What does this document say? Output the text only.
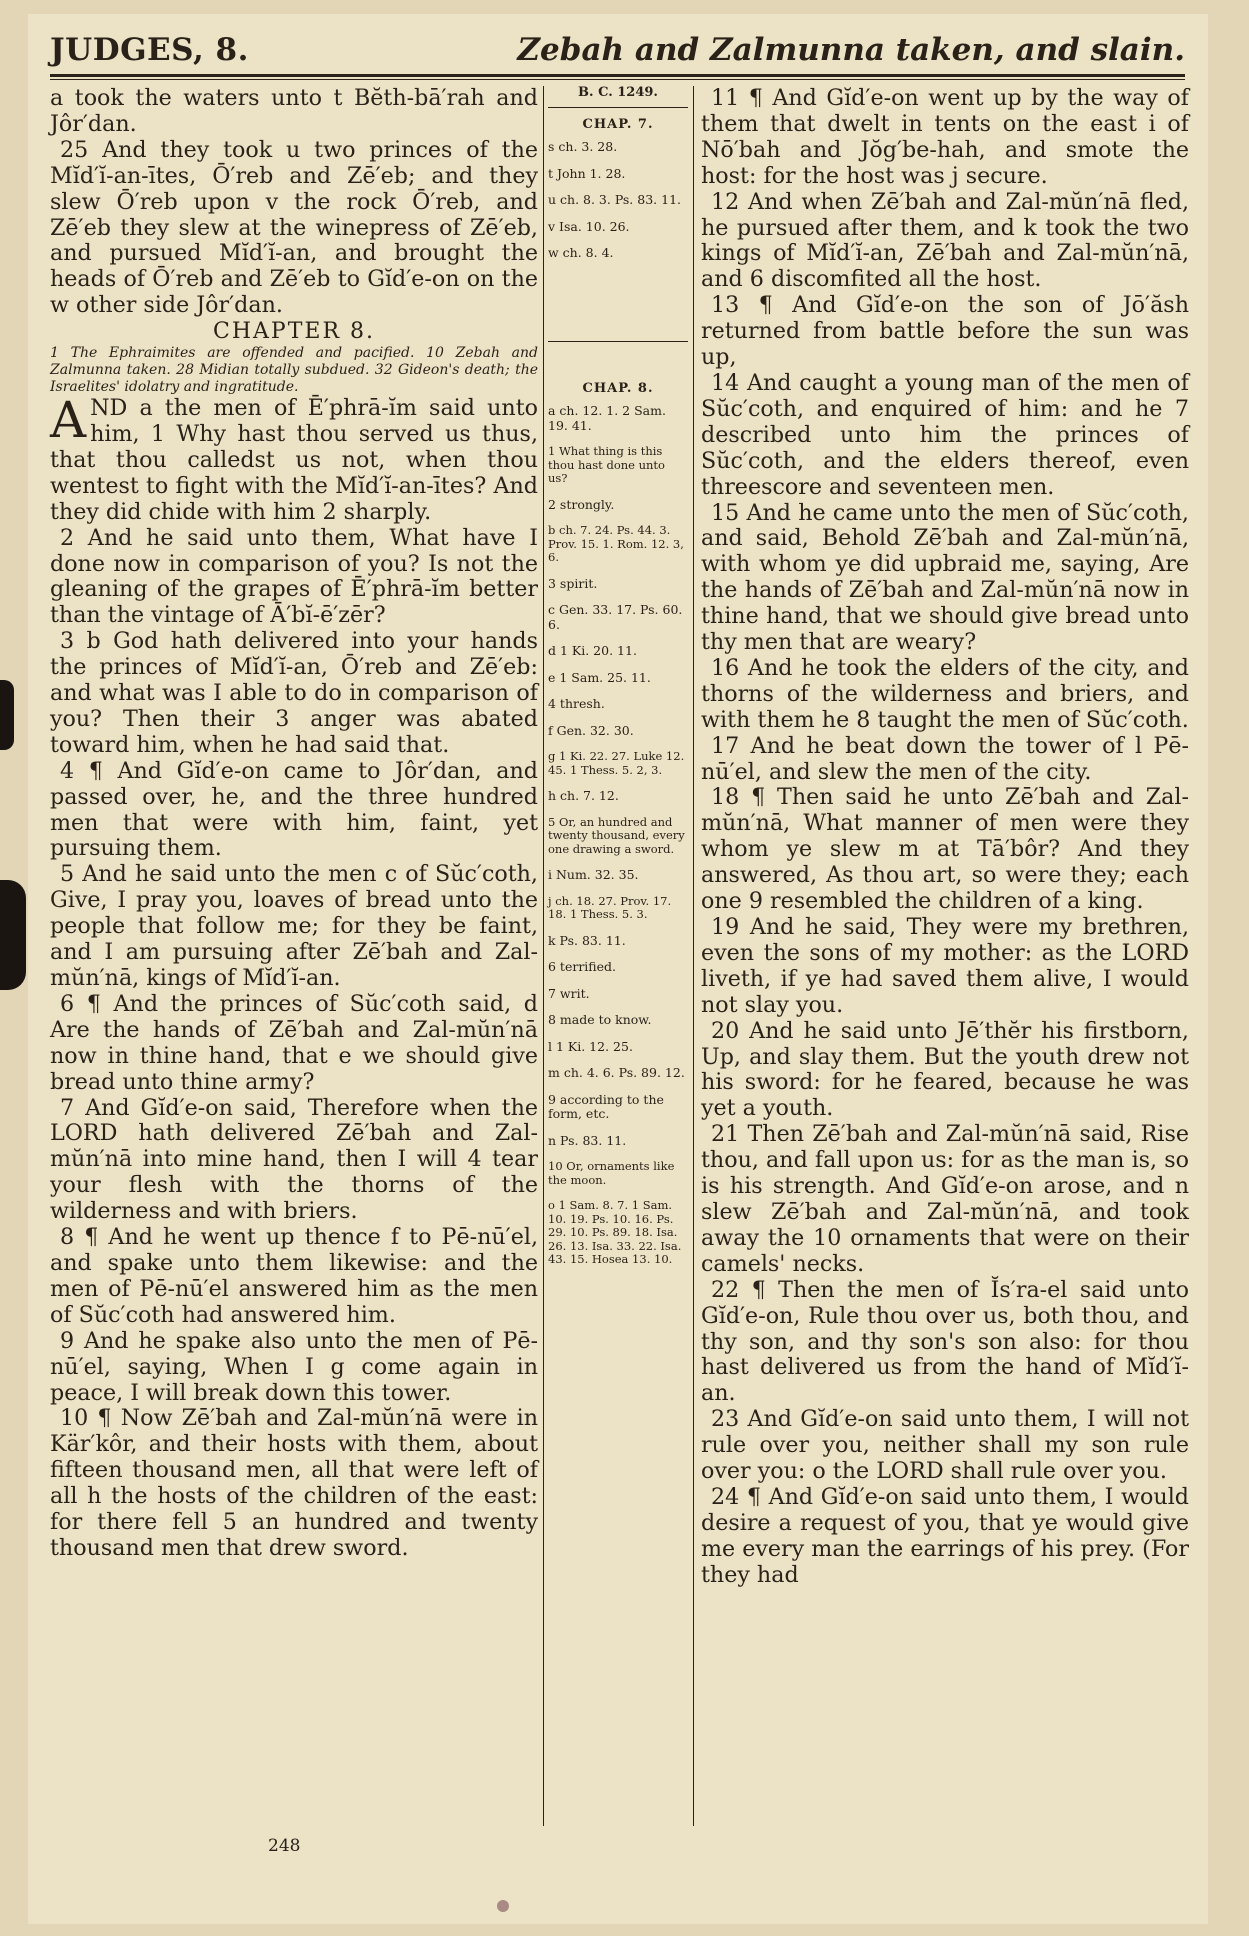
JUDGES, 8.	Zebah and Zalmunna taken, and slain.

a took the waters unto t Bĕth-bā′rah and Jôr′dan.

25 And they took u two princes of the Mĭd′ĭ-an-ītes, Ō′reb and Zē′eb; and they slew Ō′reb upon v the rock Ō′reb, and Zē′eb they slew at the winepress of Zē′eb, and pursued Mĭd′ĭ-an, and brought the heads of Ō′reb and Zē′eb to Gĭd′e-on on the w other side Jôr′dan.

CHAPTER 8.

1 The Ephraimites are offended and pacified. 10 Zebah and Zalmunna taken. 28 Midian totally subdued. 32 Gideon's death; the Israelites' idolatry and ingratitude.

AND a the men of Ē′phrā-ĭm said unto him, 1 Why hast thou served us thus, that thou calledst us not, when thou wentest to fight with the Mĭd′ĭ-an-ītes? And they did chide with him 2 sharply.

2 And he said unto them, What have I done now in comparison of you? Is not the gleaning of the grapes of Ē′phrā-ĭm better than the vintage of Ā′bĭ-ē′zēr?

3 b God hath delivered into your hands the princes of Mĭd′ĭ-an, Ō′reb and Zē′eb: and what was I able to do in comparison of you? Then their 3 anger was abated toward him, when he had said that.

4 ¶ And Gĭd′e-on came to Jôr′dan, and passed over, he, and the three hundred men that were with him, faint, yet pursuing them.

5 And he said unto the men c of Sŭc′coth, Give, I pray you, loaves of bread unto the people that follow me; for they be faint, and I am pursuing after Zē′bah and Zal-mŭn′nā, kings of Mĭd′ĭ-an.

6 ¶ And the princes of Sŭc′coth said, d Are the hands of Zē′bah and Zal-mŭn′nā now in thine hand, that e we should give bread unto thine army?

7 And Gĭd′e-on said, Therefore when the LORD hath delivered Zē′bah and Zal-mŭn′nā into mine hand, then I will 4 tear your flesh with the thorns of the wilderness and with briers.

8 ¶ And he went up thence f to Pē-nū′el, and spake unto them likewise: and the men of Pē-nū′el answered him as the men of Sŭc′coth had answered him.

9 And he spake also unto the men of Pē-nū′el, saying, When I g come again in peace, I will break down this tower.

10 ¶ Now Zē′bah and Zal-mŭn′nā were in Kär′kôr, and their hosts with them, about fifteen thousand men, all that were left of all h the hosts of the children of the east: for there fell 5 an hundred and twenty thousand men that drew sword.

B. C. 1249.
CHAP. 7.
s ch. 3. 28.
t John 1. 28.
u ch. 8. 3. Ps. 83. 11.
v Isa. 10. 26.
w ch. 8. 4.
CHAP. 8.
a ch. 12. 1. 2 Sam. 19. 41.
1 What thing is this thou hast done unto us?
2 strongly.
b ch. 7. 24. Ps. 44. 3. Prov. 15. 1. Rom. 12. 3, 6.
3 spirit.
c Gen. 33. 17. Ps. 60. 6.
d 1 Ki. 20. 11.
e 1 Sam. 25. 11.
4 thresh.
f Gen. 32. 30.
g 1 Ki. 22. 27. Luke 12. 45. 1 Thess. 5. 2, 3.
h ch. 7. 12.
5 Or, an hundred and twenty thousand, every one drawing a sword.
i Num. 32. 35.
j ch. 18. 27. Prov. 17. 18. 1 Thess. 5. 3.
k Ps. 83. 11.
6 terrified.
7 writ.
8 made to know.
l 1 Ki. 12. 25.
m ch. 4. 6. Ps. 89. 12.
9 according to the form, etc.
n Ps. 83. 11.
10 Or, ornaments like the moon.
o 1 Sam. 8. 7. 1 Sam. 10. 19. Ps. 10. 16. Ps. 29. 10. Ps. 89. 18. Isa. 26. 13. Isa. 33. 22. Isa. 43. 15. Hosea 13. 10.

11 ¶ And Gĭd′e-on went up by the way of them that dwelt in tents on the east i of Nō′bah and Jŏg′be-hah, and smote the host: for the host was j secure.

12 And when Zē′bah and Zal-mŭn′nā fled, he pursued after them, and k took the two kings of Mĭd′ĭ-an, Zē′bah and Zal-mŭn′nā, and 6 discomfited all the host.

13 ¶ And Gĭd′e-on the son of Jō′ăsh returned from battle before the sun was up,

14 And caught a young man of the men of Sŭc′coth, and enquired of him: and he 7 described unto him the princes of Sŭc′coth, and the elders thereof, even threescore and seventeen men.

15 And he came unto the men of Sŭc′coth, and said, Behold Zē′bah and Zal-mŭn′nā, with whom ye did upbraid me, saying, Are the hands of Zē′bah and Zal-mŭn′nā now in thine hand, that we should give bread unto thy men that are weary?

16 And he took the elders of the city, and thorns of the wilderness and briers, and with them he 8 taught the men of Sŭc′coth.

17 And he beat down the tower of l Pē-nū′el, and slew the men of the city.

18 ¶ Then said he unto Zē′bah and Zal-mŭn′nā, What manner of men were they whom ye slew m at Tā′bôr? And they answered, As thou art, so were they; each one 9 resembled the children of a king.

19 And he said, They were my brethren, even the sons of my mother: as the LORD liveth, if ye had saved them alive, I would not slay you.

20 And he said unto Jē′thĕr his firstborn, Up, and slay them. But the youth drew not his sword: for he feared, because he was yet a youth.

21 Then Zē′bah and Zal-mŭn′nā said, Rise thou, and fall upon us: for as the man is, so is his strength. And Gĭd′e-on arose, and n slew Zē′bah and Zal-mŭn′nā, and took away the 10 ornaments that were on their camels' necks.

22 ¶ Then the men of Ĭs′ra-el said unto Gĭd′e-on, Rule thou over us, both thou, and thy son, and thy son's son also: for thou hast delivered us from the hand of Mĭd′ĭ-an.

23 And Gĭd′e-on said unto them, I will not rule over you, neither shall my son rule over you: o the LORD shall rule over you.

24 ¶ And Gĭd′e-on said unto them, I would desire a request of you, that ye would give me every man the earrings of his prey. (For they had

248
